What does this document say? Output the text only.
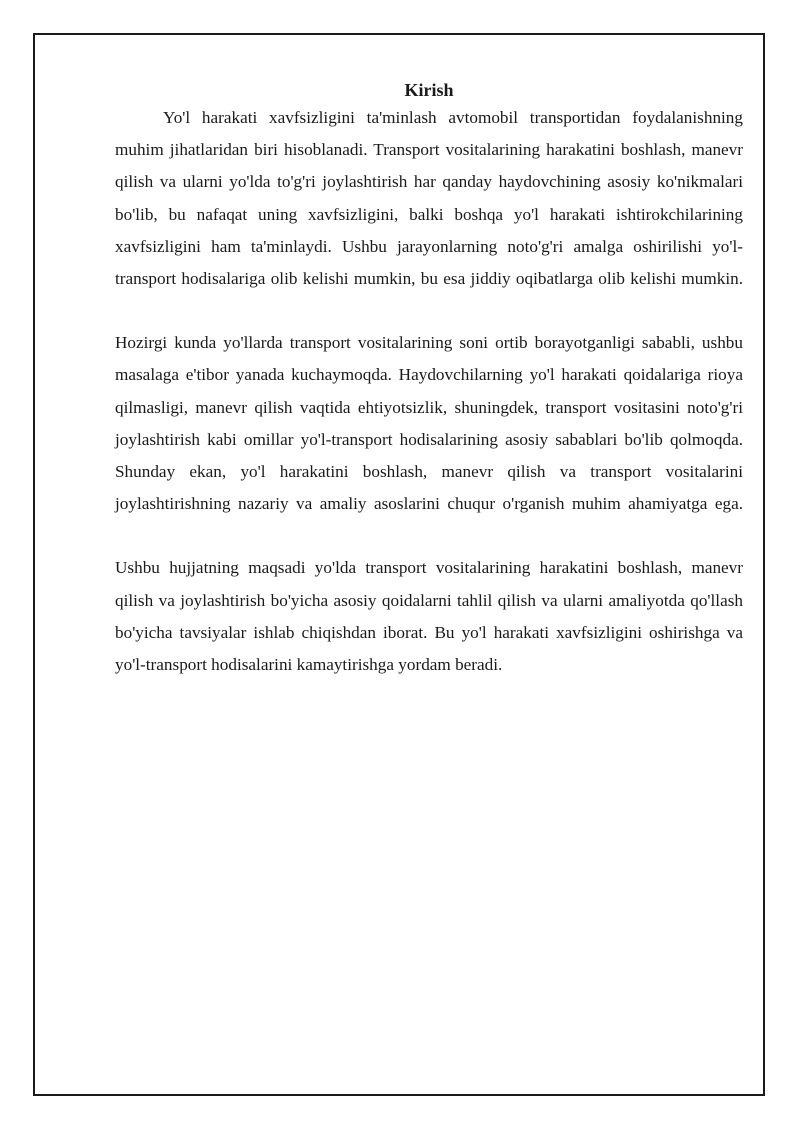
Kirish

Yo'l harakati xavfsizligini ta'minlash avtomobil transportidan foydalanishning muhim jihatlaridan biri hisoblanadi. Transport vositalarining harakatini boshlash, manevr qilish va ularni yo'lda to'g'ri joylashtirish har qanday haydovchining asosiy ko'nikmalari bo'lib, bu nafaqat uning xavfsizligini, balki boshqa yo'l harakati ishtirokchilarining xavfsizligini ham ta'minlaydi. Ushbu jarayonlarning noto'g'ri amalga oshirilishi yo'l-transport hodisalariga olib kelishi mumkin, bu esa jiddiy oqibatlarga olib kelishi mumkin.

Hozirgi kunda yo'llarda transport vositalarining soni ortib borayotganligi sababli, ushbu masalaga e'tibor yanada kuchaymoqda. Haydovchilarning yo'l harakati qoidalariga rioya qilmasligi, manevr qilish vaqtida ehtiyotsizlik, shuningdek, transport vositasini noto'g'ri joylashtirish kabi omillar yo'l-transport hodisalarining asosiy sabablari bo'lib qolmoqda. Shunday ekan, yo'l harakatini boshlash, manevr qilish va transport vositalarini joylashtirishning nazariy va amaliy asoslarini chuqur o'rganish muhim ahamiyatga ega.

Ushbu hujjatning maqsadi yo'lda transport vositalarining harakatini boshlash, manevr qilish va joylashtirish bo'yicha asosiy qoidalarni tahlil qilish va ularni amaliyotda qo'llash bo'yicha tavsiyalar ishlab chiqishdan iborat. Bu yo'l harakati xavfsizligini oshirishga va yo'l-transport hodisalarini kamaytirishga yordam beradi.
